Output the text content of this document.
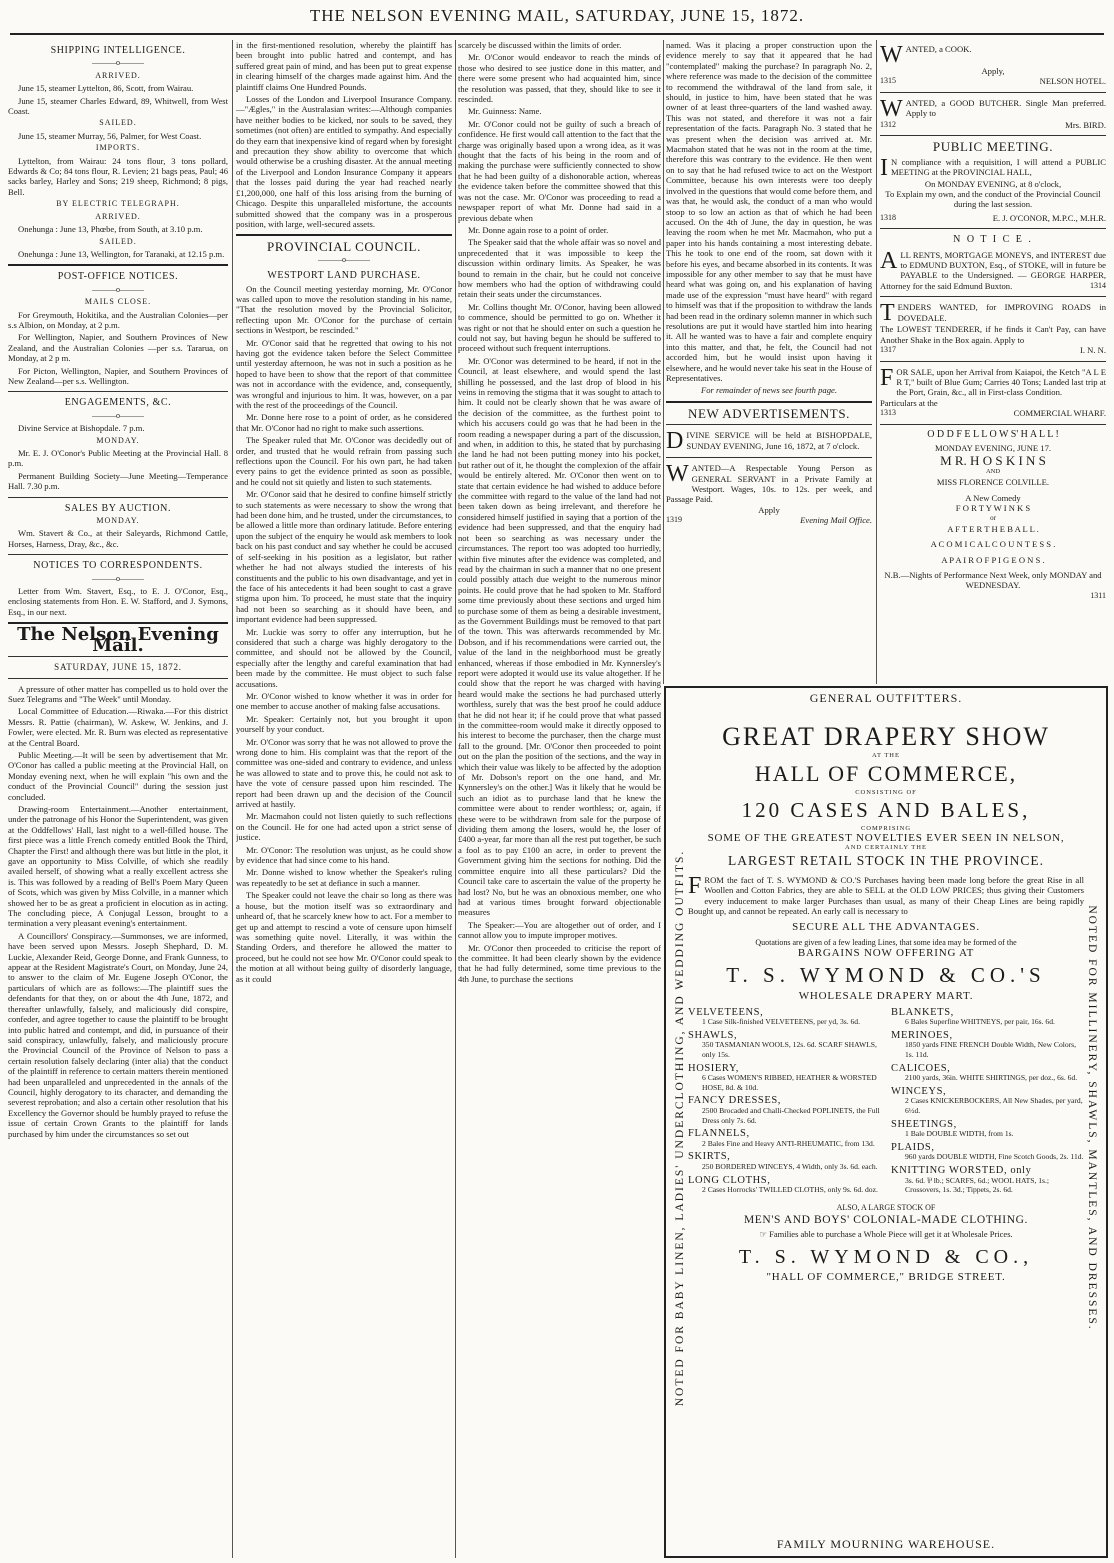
THE NELSON EVENING MAIL, SATURDAY, JUNE 15, 1872.
SHIPPING INTELLIGENCE.
———o———
ARRIVED.

June 15, steamer Lyttelton, 86, Scott, from Wairau.

June 15, steamer Charles Edward, 89, Whitwell, from West Coast.

SAILED.

June 15, steamer Murray, 56, Palmer, for West Coast.

IMPORTS.

Lyttelton, from Wairau: 24 tons flour, 3 tons pollard, Edwards & Co; 84 tons flour, R. Levien; 21 bags peas, Paul; 46 sacks barley, Harley and Sons; 219 sheep, Richmond; 8 pigs, Bell.

BY ELECTRIC TELEGRAPH.
ARRIVED.

Onehunga : June 13, Phœbe, from South, at 3.10 p.m.

SAILED.

Onehunga : June 13, Wellington, for Taranaki, at 12.15 p.m.

POST-OFFICE NOTICES.
———o———
MAILS CLOSE.

For Greymouth, Hokitika, and the Australian Colonies—per s.s Albion, on Monday, at 2 p.m.

For Wellington, Napier, and Southern Provinces of New Zealand, and the Australian Colonies —per s.s. Tararua, on Monday, at 2 p m.

For Picton, Wellington, Napier, and Southern Provinces of New Zealand—per s.s. Wellington.

ENGAGEMENTS, &C.
———o———

Divine Service at Bishopdale. 7 p.m.

MONDAY.

Mr. E. J. O'Conor's Public Meeting at the Provincial Hall. 8 p.m.

Permanent Building Society—June Meeting—Temperance Hall. 7.30 p.m.

SALES BY AUCTION.
MONDAY.

Wm. Stavert & Co., at their Saleyards, Richmond Cattle, Horses, Harness, Dray, &c., &c.

NOTICES TO CORRESPONDENTS.
———o———

Letter from Wm. Stavert, Esq., to E. J. O'Conor, Esq., enclosing statements from Hon. E. W. Stafford, and J. Symons, Esq., in our next.

The Nelson Evening Mail.
SATURDAY, JUNE 15, 1872.

A pressure of other matter has compelled us to hold over the Suez Telegrams and "The Week" until Monday.

Local Committee of Education.—Riwaka.—For this district Messrs. R. Pattie (chairman), W. Askew, W. Jenkins, and J. Fowler, were elected. Mr. R. Burn was elected as representative at the Central Board.

Public Meeting.—It will be seen by advertisement that Mr. O'Conor has called a public meeting at the Provincial Hall, on Monday evening next, when he will explain "his own and the conduct of the Provincial Council" during the session just concluded.

Drawing-room Entertainment.—Another entertainment, under the patronage of his Honor the Superintendent, was given at the Oddfellows' Hall, last night to a well-filled house. The first piece was a little French comedy entitled Book the Third, Chapter the First! and although there was but little in the plot, it gave an opportunity to Miss Colville, of which she readily availed herself, of showing what a really excellent actress she is. This was followed by a reading of Bell's Poem Mary Queen of Scots, which was given by Miss Colville, in a manner which showed her to be as great a proficient in elocution as in acting. The concluding piece, A Conjugal Lesson, brought to a termination a very pleasant evening's entertainment.

A Councillors' Conspiracy.—Summonses, we are informed, have been served upon Messrs. Joseph Shephard, D. M. Luckie, Alexander Reid, George Donne, and Frank Gunness, to appear at the Resident Magistrate's Court, on Monday, June 24, to answer to the claim of Mr. Eugene Joseph O'Conor, the particulars of which are as follows:—The plaintiff sues the defendants for that they, on or about the 4th June, 1872, and thereafter unlawfully, falsely, and maliciously did conspire, confeder, and agree together to cause the plaintiff to be brought into public hatred and contempt, and did, in pursuance of their said conspiracy, unlawfully, falsely, and maliciously procure the Provincial Council of the Province of Nelson to pass a certain resolution falsely declaring (inter alia) that the conduct of the plaintiff in reference to certain matters therein mentioned had been unparalleled and unprecedented in the annals of the Council, highly derogatory to its character, and demanding the severest reprobation; and also a certain other resolution that his Excellency the Governor should be humbly prayed to refuse the issue of certain Crown Grants to the plaintiff for lands purchased by him under the circumstances so set out

in the first-mentioned resolution, whereby the plaintiff has been brought into public hatred and contempt, and has suffered great pain of mind, and has been put to great expense in clearing himself of the charges made against him. And the plaintiff claims One Hundred Pounds.

Losses of the London and Liverpool Insurance Company.—"Ægles," in the Australasian writes:—Although companies have neither bodies to be kicked, nor souls to be saved, they sometimes (not often) are entitled to sympathy. And especially do they earn that inexpensive kind of regard when by foresight and precaution they show ability to overcome that which would otherwise be a crushing disaster. At the annual meeting of the Liverpool and London Insurance Company it appears that the losses paid during the year had reached nearly £1,200,000, one half of this loss arising from the burning of Chicago. Despite this unparalleled misfortune, the accounts submitted showed that the company was in a prosperous position, with large, well-secured assets.

PROVINCIAL COUNCIL.
———o———
WESTPORT LAND PURCHASE.

On the Council meeting yesterday morning, Mr. O'Conor was called upon to move the resolution standing in his name, "That the resolution moved by the Provincial Solicitor, reflecting upon Mr. O'Conor for the purchase of certain sections in Westport, be rescinded."

Mr. O'Conor said that he regretted that owing to his not having got the evidence taken before the Select Committee until yesterday afternoon, he was not in such a position as he hoped to have been to show that the report of that committee was not in accordance with the evidence, and, consequently, was wrongful and injurious to him. It was, however, on a par with the rest of the proceedings of the Council.

Mr. Donne here rose to a point of order, as he considered that Mr. O'Conor had no right to make such assertions.

The Speaker ruled that Mr. O'Conor was decidedly out of order, and trusted that he would refrain from passing such reflections upon the Council. For his own part, he had taken every pains to get the evidence printed as soon as possible, and he could not sit quietly and listen to such statements.

Mr. O'Conor said that he desired to confine himself strictly to such statements as were necessary to show the wrong that had been done him, and he trusted, under the circumstances, to be allowed a little more than ordinary latitude. Before entering upon the subject of the enquiry he would ask members to look back on his past conduct and say whether he could be accused of self-seeking in his position as a legislator, but rather whether he had not always studied the interests of his constituents and the public to his own disadvantage, and yet in the face of his antecedents it had been sought to cast a grave stigma upon him. To proceed, he must state that the inquiry had not been so searching as it should have been, and important evidence had been suppressed.

Mr. Luckie was sorry to offer any interruption, but he considered that such a charge was highly derogatory to the committee, and should not be allowed by the Council, especially after the lengthy and careful examination that had been made by the committee. He must object to such false accusations.

Mr. O'Conor wished to know whether it was in order for one member to accuse another of making false accusations.

Mr. Speaker: Certainly not, but you brought it upon yourself by your conduct.

Mr. O'Conor was sorry that he was not allowed to prove the wrong done to him. His complaint was that the report of the committee was one-sided and contrary to evidence, and unless he was allowed to state and to prove this, he could not ask to have the vote of censure passed upon him rescinded. The report had been drawn up and the decision of the Council arrived at hastily.

Mr. Macmahon could not listen quietly to such reflections on the Council. He for one had acted upon a strict sense of justice.

Mr. O'Conor: The resolution was unjust, as he could show by evidence that had since come to his hand.

Mr. Donne wished to know whether the Speaker's ruling was repeatedly to be set at defiance in such a manner.

The Speaker could not leave the chair so long as there was a house, but the motion itself was so extraordinary and unheard of, that he scarcely knew how to act. For a member to get up and attempt to rescind a vote of censure upon himself was something quite novel. Literally, it was within the Standing Orders, and therefore he allowed the matter to proceed, but he could not see how Mr. O'Conor could speak to the motion at all without being guilty of disorderly language, as it could

scarcely be discussed within the limits of order.

Mr. O'Conor would endeavor to reach the minds of those who desired to see justice done in this matter, and there were some present who had acquainted him, since the resolution was passed, that they, should like to see it rescinded.

Mr. Guinness: Name.

Mr. O'Conor could not be guilty of such a breach of confidence. He first would call attention to the fact that the charge was originally based upon a wrong idea, as it was thought that the facts of his being in the room and of making the purchase were sufficiently connected to show that he had been guilty of a dishonorable action, whereas the evidence taken before the committee showed that this was not the case. Mr. O'Conor was proceeding to read a newspaper report of what Mr. Donne had said in a previous debate when

Mr. Donne again rose to a point of order.

The Speaker said that the whole affair was so novel and unprecedented that it was impossible to keep the discussion within ordinary limits. As Speaker, he was bound to remain in the chair, but he could not conceive how members who had the option of withdrawing could retain their seats under the circumstances.

Mr. Collins thought Mr. O'Conor, having been allowed to commence, should be permitted to go on. Whether it was right or not that he should enter on such a question he could not say, but having begun he should be suffered to proceed without such frequent interruptions.

Mr. O'Conor was determined to be heard, if not in the Council, at least elsewhere, and would spend the last shilling he possessed, and the last drop of blood in his veins in removing the stigma that it was sought to attach to him. It could not be clearly shown that he was aware of the decision of the committee, as the furthest point to which his accusers could go was that he had been in the room reading a newspaper during a part of the discussion, and when, in addition to this, he stated that by purchasing the land he had not been putting money into his pocket, but rather out of it, he thought the complexion of the affair would be entirely altered. Mr. O'Conor then went on to state that certain evidence he had wished to adduce before the committee with regard to the value of the land had not been taken down as being irrelevant, and therefore he considered himself justified in saying that a portion of the evidence had been suppressed, and that the enquiry had not been so searching as was necessary under the circumstances. The report too was adopted too hurriedly, within five minutes after the evidence was completed, and read by the chairman in such a manner that no one present could possibly attach due weight to the numerous minor points. He could prove that he had spoken to Mr. Stafford some time previously about these sections and urged him to purchase some of them as being a desirable investment, as the Government Buildings must be removed to that part of the town. This was afterwards recommended by Mr. Dobson, and if his recommendations were carried out, the value of the land in the neighborhood must be greatly enhanced, whereas if those embodied in Mr. Kynnersley's report were adopted it would use its value altogether. If he could show that the report he was charged with having heard would make the sections he had purchased utterly worthless, surely that was the best proof he could adduce that he did not hear it; if he could prove that what passed in the committee-room would make it directly opposed to his interest to become the purchaser, then the charge must fall to the ground. [Mr. O'Conor then proceeded to point out on the plan the position of the sections, and the way in which their value was likely to be affected by the adoption of Mr. Dobson's report on the one hand, and Mr. Kynnersley's on the other.] Was it likely that he would be such an idiot as to purchase land that he knew the committee were about to render worthless; or, again, if these were to be withdrawn from sale for the purpose of dividing them among the losers, would he, the loser of £400 a-year, far more than all the rest put together, be such a fool as to pay £100 an acre, in order to prevent the Government giving him the sections for nothing. Did the committee enquire into all these particulars? Did the Council take care to ascertain the value of the property he had lost? No, but he was an obnoxious member, one who had at various times brought forward objectionable measures

The Speaker:—You are altogether out of order, and I cannot allow you to impute improper motives.

Mr. O'Conor then proceeded to criticise the report of the committee. It had been clearly shown by the evidence that he had fully determined, some time previous to the 4th June, to purchase the sections

named. Was it placing a proper construction upon the evidence merely to say that it appeared that he had "contemplated" making the purchase? In paragraph No. 2, where reference was made to the decision of the committee to recommend the withdrawal of the land from sale, it should, in justice to him, have been stated that he was owner of at least three-quarters of the land washed away. This was not stated, and therefore it was not a fair representation of the facts. Paragraph No. 3 stated that he was present when the decision was arrived at. Mr. Macmahon stated that he was not in the room at the time, therefore this was contrary to the evidence. He then went on to say that he had refused twice to act on the Westport Committee, because his own interests were too deeply involved in the questions that would come before them, and was that, he would ask, the conduct of a man who would stoop to so low an action as that of which he had been accused. On the 4th of June, the day in question, he was leaving the room when he met Mr. Macmahon, who put a paper into his hands containing a most interesting debate. This he took to one end of the room, sat down with it before his eyes, and became absorbed in its contents. It was impossible for any other member to say that he must have heard what was going on, and his explanation of having made use of the expression "must have heard" with regard to himself was that if the proposition to withdraw the lands had been read in the ordinary solemn manner in which such resolutions are put it would have startled him into hearing it. All he wanted was to have a fair and complete enquiry into this matter, and that, he felt, the Council had not accorded him, but he would insist upon having it elsewhere, and he would never take his seat in the House of Representatives.

For remainder of news see fourth page.

NEW ADVERTISEMENTS.
D IVINE SERVICE will be held at BISHOPDALE, SUNDAY EVENING, June 16, 1872, at 7 o'clock.
W ANTED—A Respectable Young Person as GENERAL SERVANT in a Private Family at Westport. Wages, 10s. to 12s. per week, and Passage Paid.
Apply
1319	Evening Mail Office.
W ANTED, a COOK.
Apply,
1315	NELSON HOTEL.
W ANTED, a GOOD BUTCHER. Single Man preferred. Apply to
1312	Mrs. BIRD.
PUBLIC MEETING.
I N compliance with a requisition, I will attend a PUBLIC MEETING at the PROVINCIAL HALL,
On MONDAY EVENING, at 8 o'clock,
To Explain my own, and the conduct of the Provincial Council during the last session.
1318	E. J. O'CONOR, M.P.C., M.H.R.
N O T I C E .
A LL RENTS, MORTGAGE MONEYS, and INTEREST due to EDMUND BUXTON, Esq., of STOKE, will in future be PAYABLE to the Undersigned. — GEORGE HARPER, Attorney for the said Edmund Buxton.	1314
T ENDERS WANTED, for IMPROVING ROADS in DOVEDALE.
The LOWEST TENDERER, if he finds it Can't Pay, can have Another Shake in the Box again. Apply to
1317	I. N. N.
F OR SALE, upon her Arrival from Kaiapoi, the Ketch "A L E R T," built of Blue Gum; Carries 40 Tons; Landed last trip at the Port, Grain, &c., all in First-class Condition.
Particulars at the
1313	COMMERCIAL WHARF.
O D D F E L L O W S' H A L L !
MONDAY EVENING, JUNE 17.
M R. H O S K I N S
AND
MISS FLORENCE COLVILLE.
A New Comedy
F O R T Y W I N K S
or
A F T E R T H E B A L L .
A C O M I C A L C O U N T E S S .
A P A I R O F P I G E O N S .
N.B.—Nights of Performance Next Week, only MONDAY and WEDNESDAY.
1311
GENERAL OUTFITTERS.
NOTED FOR BABY LINEN, LADIES' UNDERCLOTHING, AND WEDDING OUTFITS.	NOTED FOR MILLINERY, SHAWLS, MANTLES, AND DRESSES.
GREAT DRAPERY SHOW
AT THE
HALL OF COMMERCE,
CONSISTING OF
120 CASES AND BALES,
COMPRISING
SOME OF THE GREATEST NOVELTIES EVER SEEN IN NELSON,
AND CERTAINLY THE
LARGEST RETAIL STOCK IN THE PROVINCE.
F ROM the fact of T. S. WYMOND & CO.'S Purchases having been made long before the great Rise in all Woollen and Cotton Fabrics, they are able to SELL at the OLD LOW PRICES; thus giving their Customers every inducement to make larger Purchases than usual, as many of their Cheap Lines are being rapidly Bought up, and cannot be repeated. An early call is necessary to
SECURE ALL THE ADVANTAGES.
Quotations are given of a few leading Lines, that some idea may be formed of the
BARGAINS NOW OFFERING AT
T. S. WYMOND & CO.'S
WHOLESALE DRAPERY MART.
VELVETEENS,
1 Case Silk-finished VELVETEENS, per yd, 3s. 6d.
SHAWLS,
350 TASMANIAN WOOLS, 12s. 6d. SCARF SHAWLS, only 15s.
HOSIERY,
6 Cases WOMEN'S RIBBED, HEATHER & WORSTED HOSE, 8d. & 10d.
FANCY DRESSES,
2500 Brocaded and Challi-Checked POPLINETS, the Full Dress only 7s. 6d.
FLANNELS,
2 Bales Fine and Heavy ANTI-RHEUMATIC, from 13d.
SKIRTS,
250 BORDERED WINCEYS, 4 Width, only 3s. 6d. each.
LONG CLOTHS,
2 Cases Horrocks' TWILLED CLOTHS, only 9s. 6d. doz.
BLANKETS,
6 Bales Superfine WHITNEYS, per pair, 16s. 6d.
MERINOES,
1850 yards FINE FRENCH Double Width, New Colors, 1s. 11d.
CALICOES,
2100 yards, 36in. WHITE SHIRTINGS, per doz., 6s. 6d.
WINCEYS,
2 Cases KNICKERBOCKERS, All New Shades, per yard, 6½d.
SHEETINGS,
1 Bale DOUBLE WIDTH, from 1s.
PLAIDS,
960 yards DOUBLE WIDTH, Fine Scotch Goods, 2s. 11d.
KNITTING WORSTED, only
3s. 6d. ⅌ lb.; SCARFS, 6d.; WOOL HATS, 1s.; Crossovers, 1s. 3d.; Tippets, 2s. 6d.
ALSO, A LARGE STOCK OF
MEN'S AND BOYS' COLONIAL-MADE CLOTHING.
☞ Families able to purchase a Whole Piece will get it at Wholesale Prices.
T. S. WYMOND & CO.,
"HALL OF COMMERCE," BRIDGE STREET.
FAMILY MOURNING WAREHOUSE.
